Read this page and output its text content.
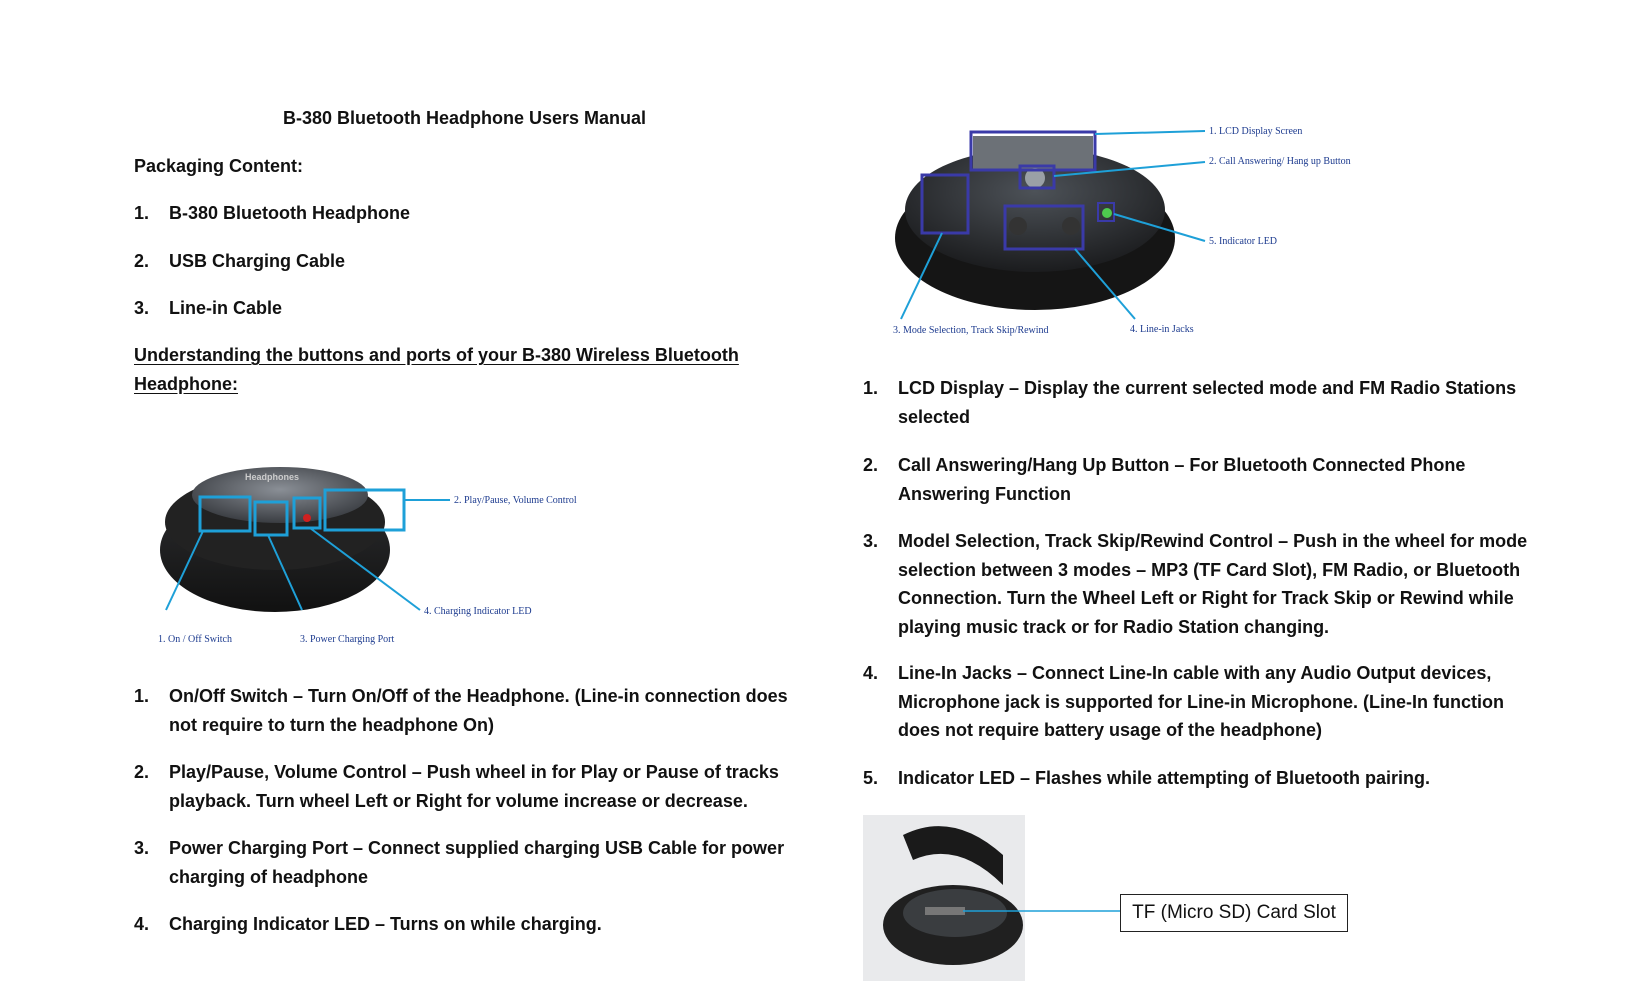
B-380 Bluetooth Headphone Users Manual
Packaging Content:
1. B-380 Bluetooth Headphone
2. USB Charging Cable
3. Line-in Cable
Understanding the buttons and ports of your B-380 Wireless Bluetooth Headphone:
Headphones
2. Play/Pause, Volume Control
4. Charging Indicator LED
1. On / Off Switch	3. Power Charging Port
1. On/Off Switch – Turn On/Off of the Headphone. (Line-in connection does not require to turn the headphone On)
2. Play/Pause, Volume Control – Push wheel in for Play or Pause of tracks playback. Turn wheel Left or Right for volume increase or decrease.
3. Power Charging Port – Connect supplied charging USB Cable for power charging of headphone
4. Charging Indicator LED – Turns on while charging.
1. LCD Display Screen
2. Call Answering/ Hang up Button
5. Indicator LED
3. Mode Selection, Track Skip/Rewind	4. Line-in Jacks
1. LCD Display – Display the current selected mode and FM Radio Stations selected
2. Call Answering/Hang Up Button – For Bluetooth Connected Phone Answering Function
3. Model Selection, Track Skip/Rewind Control – Push in the wheel for mode selection between 3 modes – MP3 (TF Card Slot), FM Radio, or Bluetooth Connection. Turn the Wheel Left or Right for Track Skip or Rewind while playing music track or for Radio Station changing.
4. Line-In Jacks – Connect Line-In cable with any Audio Output devices, Microphone jack is supported for Line-in Microphone. (Line-In function does not require battery usage of the headphone)
5. Indicator LED – Flashes while attempting of Bluetooth pairing.
TF (Micro SD) Card Slot
